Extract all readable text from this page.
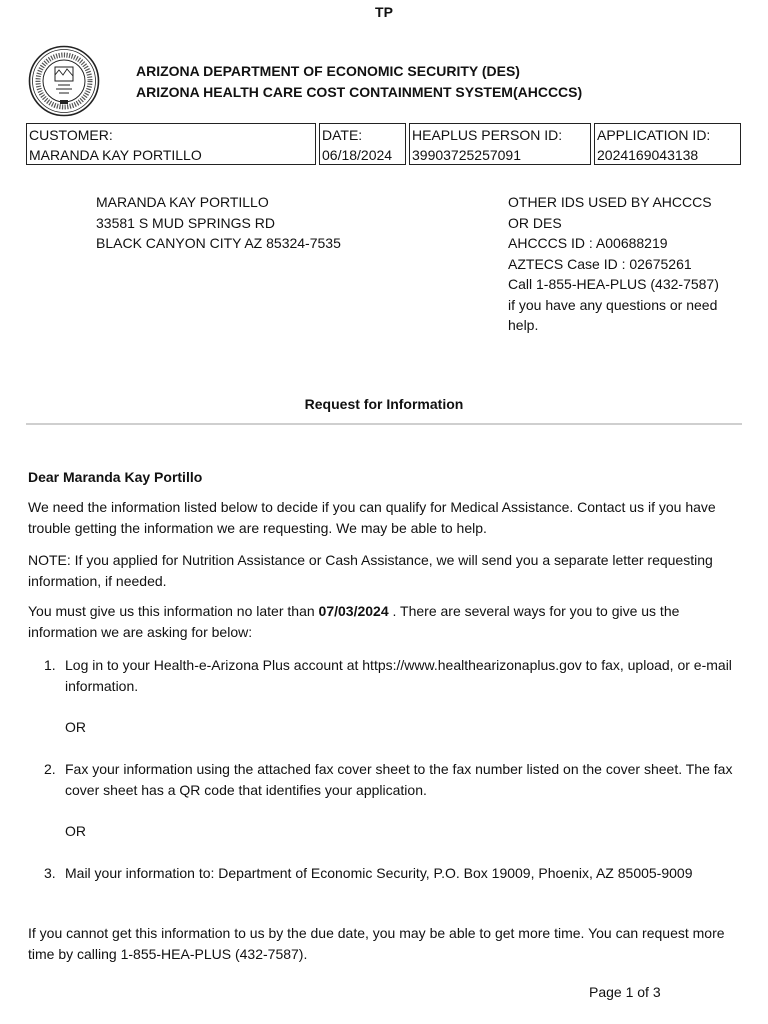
TP
ARIZONA DEPARTMENT OF ECONOMIC SECURITY (DES)
ARIZONA HEALTH CARE COST CONTAINMENT SYSTEM(AHCCCS)
CUSTOMER:
MARANDA KAY PORTILLO
DATE:
06/18/2024
HEAPLUS PERSON ID:
39903725257091
APPLICATION ID:
2024169043138
MARANDA KAY PORTILLO
33581 S MUD SPRINGS RD
BLACK CANYON CITY AZ 85324-7535
OTHER IDS USED BY AHCCCS
OR DES
AHCCCS ID : A00688219
AZTECS Case ID : 02675261
Call 1-855-HEA-PLUS (432-7587)
if you have any questions or need
help.
Request for Information
Dear Maranda Kay Portillo

We need the information listed below to decide if you can qualify for Medical Assistance. Contact us if you have trouble getting the information we are requesting. We may be able to help.

NOTE: If you applied for Nutrition Assistance or Cash Assistance, we will send you a separate letter requesting information, if needed.

You must give us this information no later than 07/03/2024 . There are several ways for you to give us the information we are asking for below:

1. Log in to your Health-e-Arizona Plus account at https://www.healthearizonaplus.gov to fax, upload, or e-mail information.
OR
2. Fax your information using the attached fax cover sheet to the fax number listed on the cover sheet. The fax cover sheet has a QR code that identifies your application.
OR
3. Mail your information to: Department of Economic Security, P.O. Box 19009, Phoenix, AZ 85005-9009

If you cannot get this information to us by the due date, you may be able to get more time. You can request more time by calling 1-855-HEA-PLUS (432-7587).

Page 1 of 3
